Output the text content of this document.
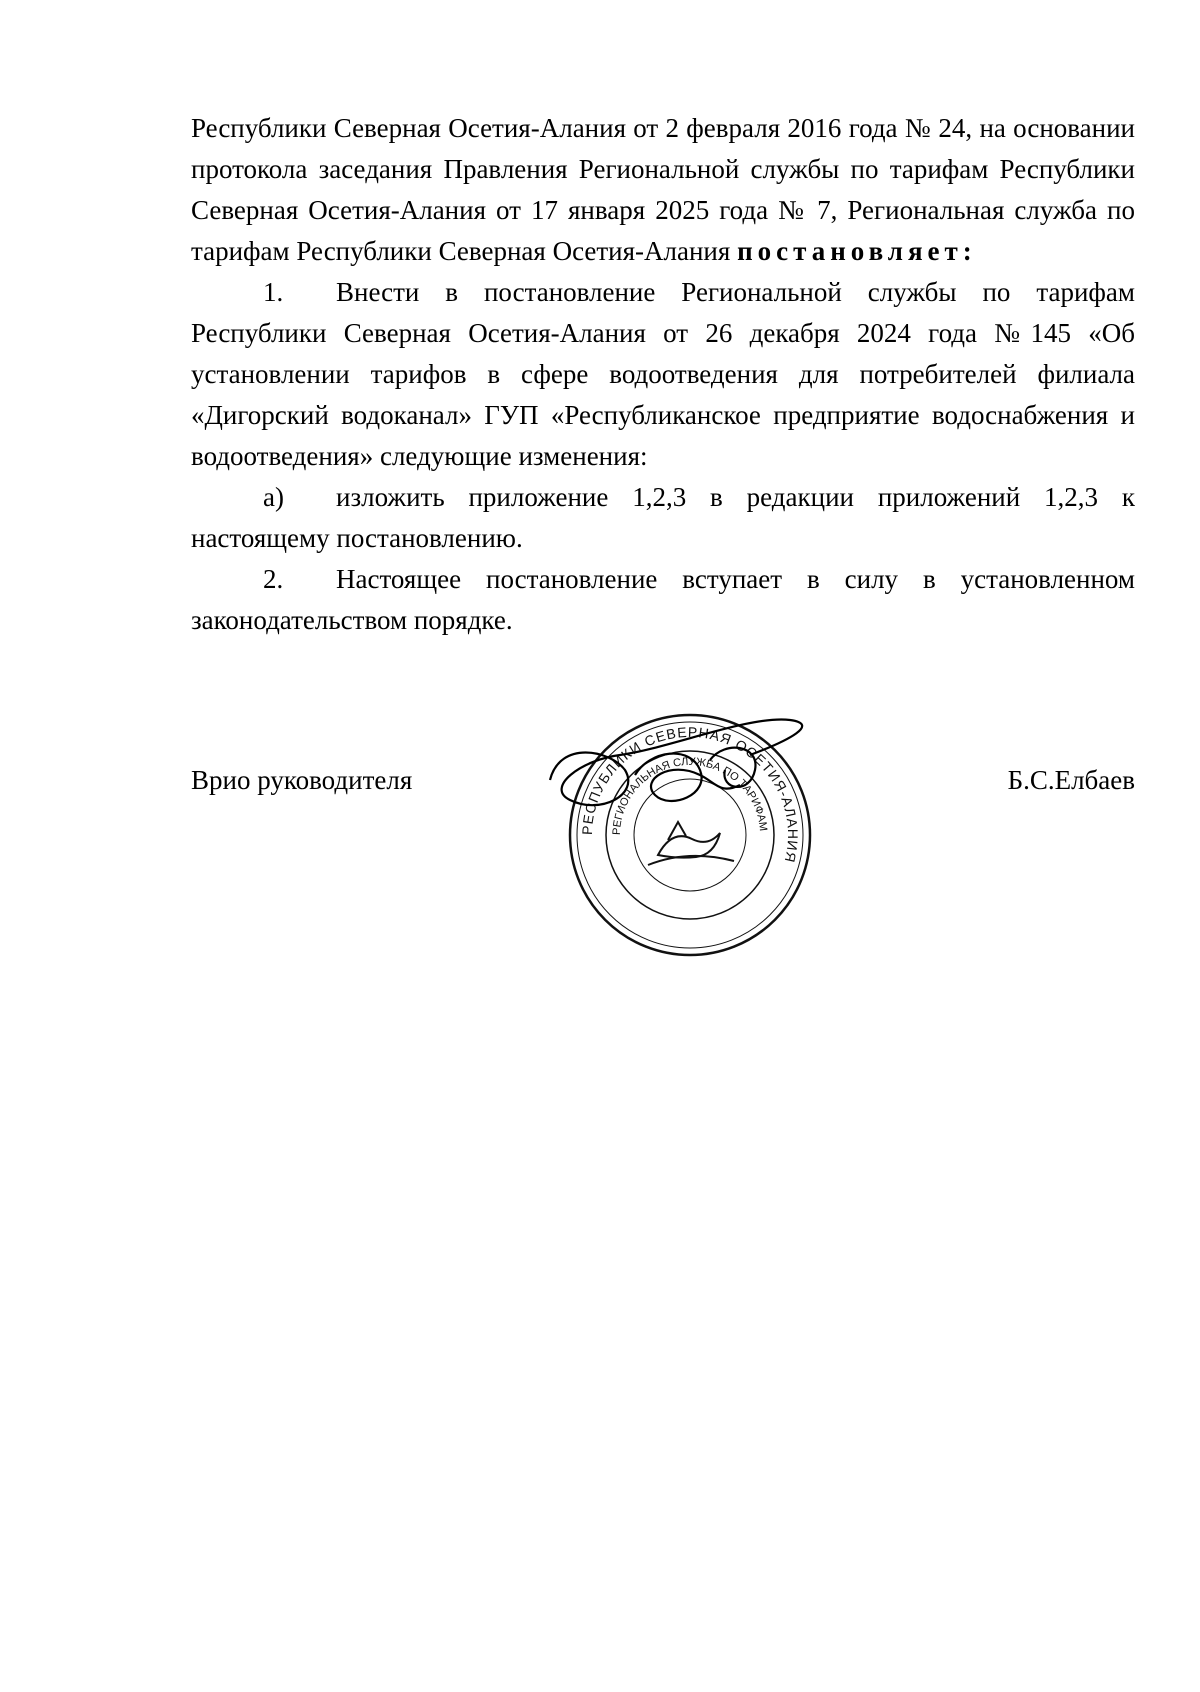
Республики Северная Осетия-Алания от 2 февраля 2016 года № 24, на основании протокола заседания Правления Региональной службы по тарифам Республики Северная Осетия-Алания от 17 января 2025 года № 7, Региональная служба по тарифам Республики Северная Осетия-Алания постановляет:

1. Внести в постановление Региональной службы по тарифам Республики Северная Осетия-Алания от 26 декабря 2024 года №145 «Об установлении тарифов в сфере водоотведения для потребителей филиала «Дигорский водоканал» ГУП «Республиканское предприятие водоснабжения и водоотведения» следующие изменения:

а) изложить приложение 1,2,3 в редакции приложений 1,2,3 к настоящему постановлению.

2. Настоящее постановление вступает в силу в установленном законодательством порядке.

Врио руководителя	Б.С.Елбаев
РЕСПУБЛИКИ СЕВЕРНАЯ ОСЕТИЯ-АЛАНИЯ
РЕГИОНАЛЬНАЯ СЛУЖБА ПО ТАРИФАМ
